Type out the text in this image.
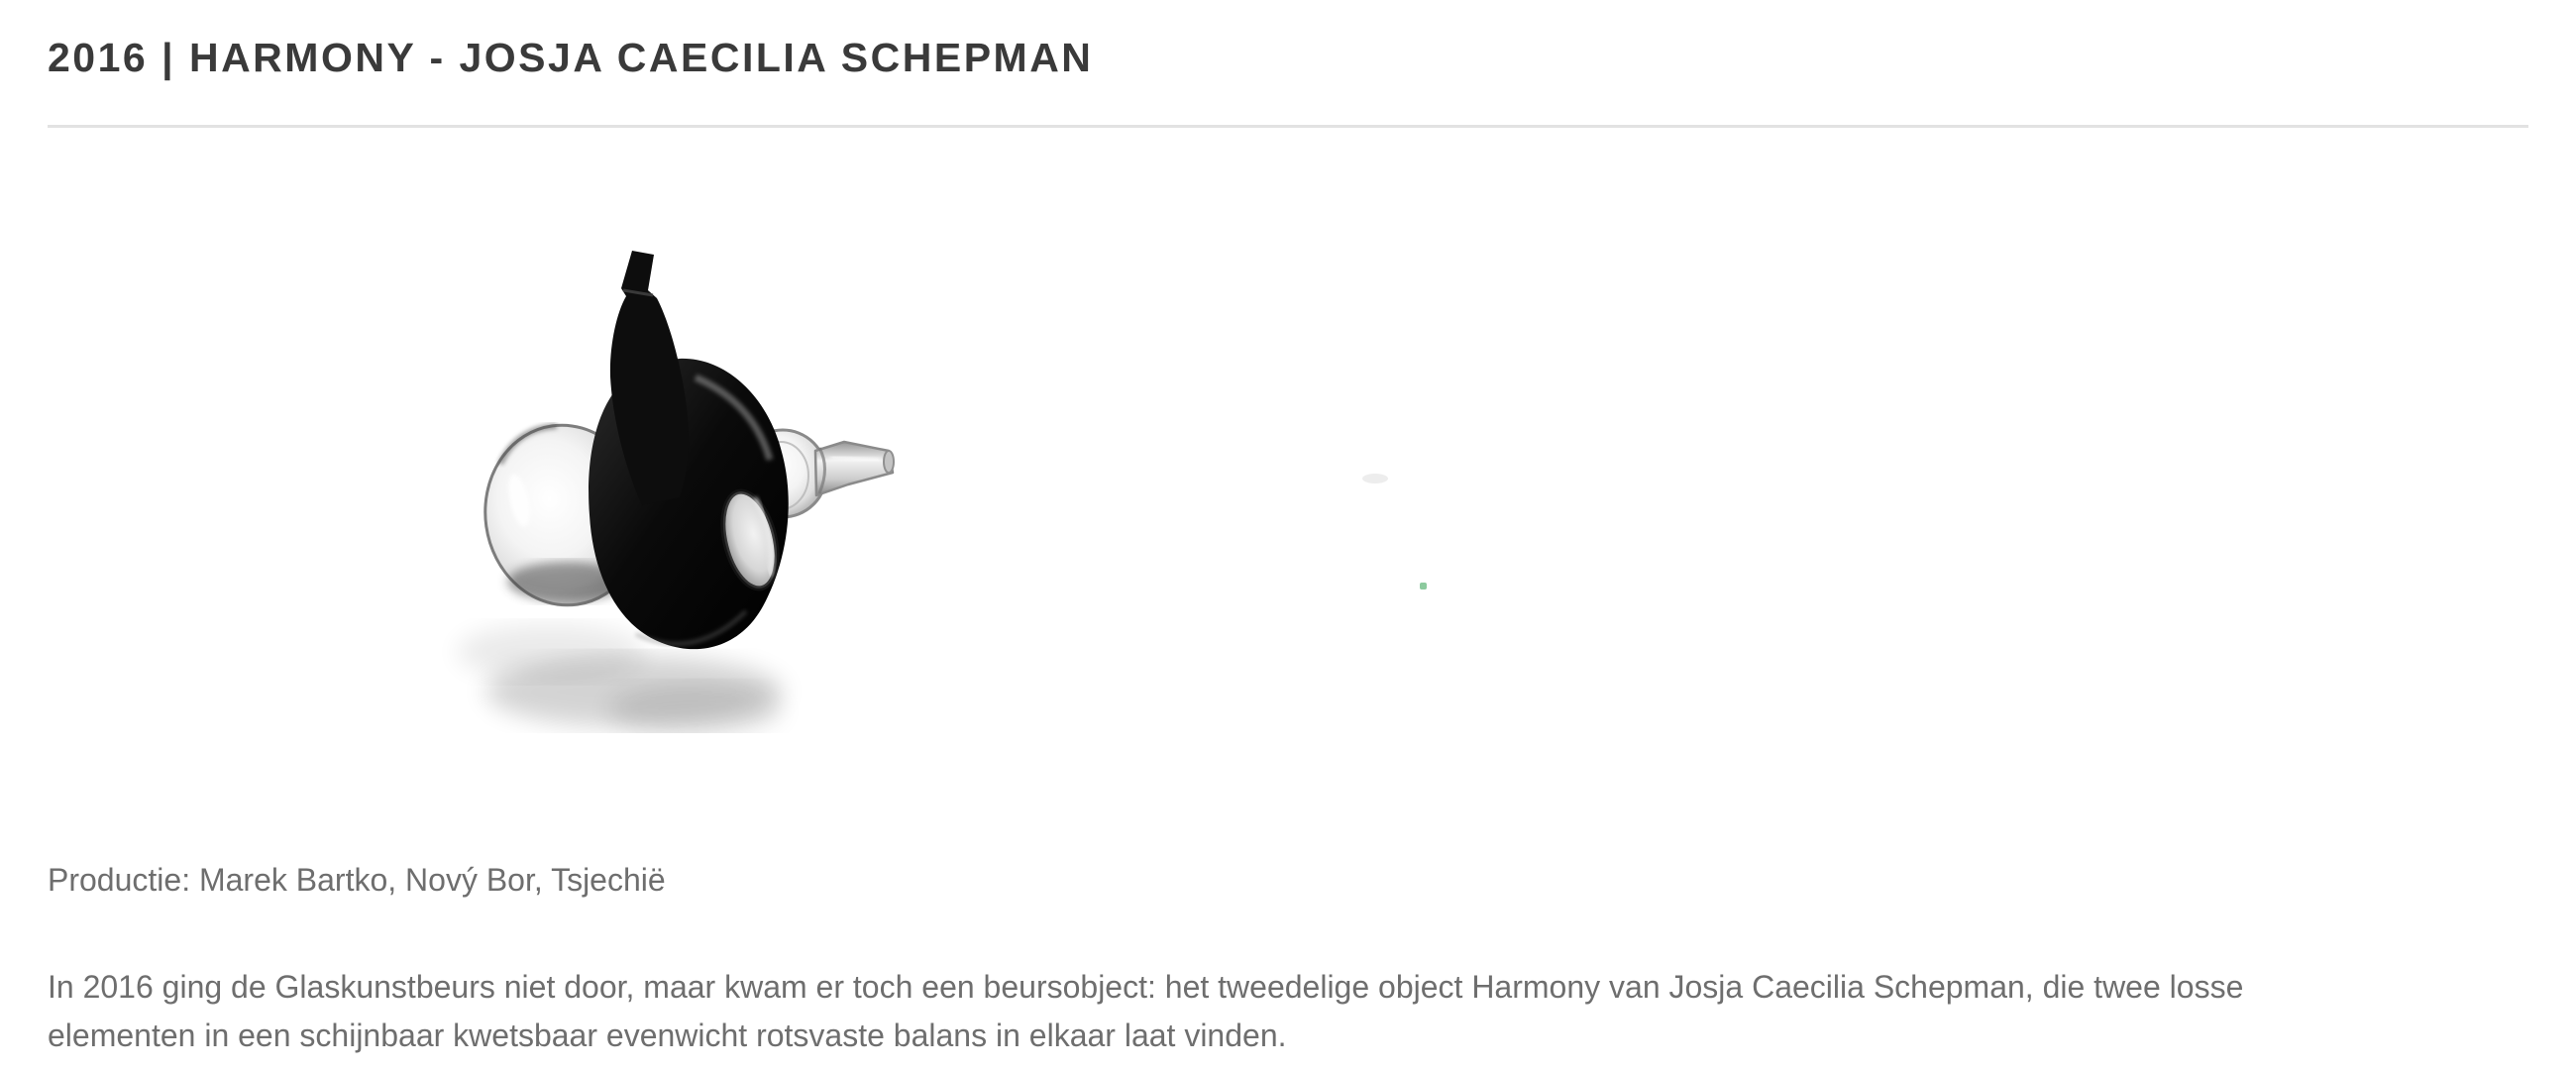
2016 | HARMONY - JOSJA CAECILIA SCHEPMAN

Productie: Marek Bartko, Nový Bor, Tsjechië

In 2016 ging de Glaskunstbeurs niet door, maar kwam er toch een beursobject: het tweedelige object Harmony van Josja Caecilia Schepman, die twee losse
elementen in een schijnbaar kwetsbaar evenwicht rotsvaste balans in elkaar laat vinden.
